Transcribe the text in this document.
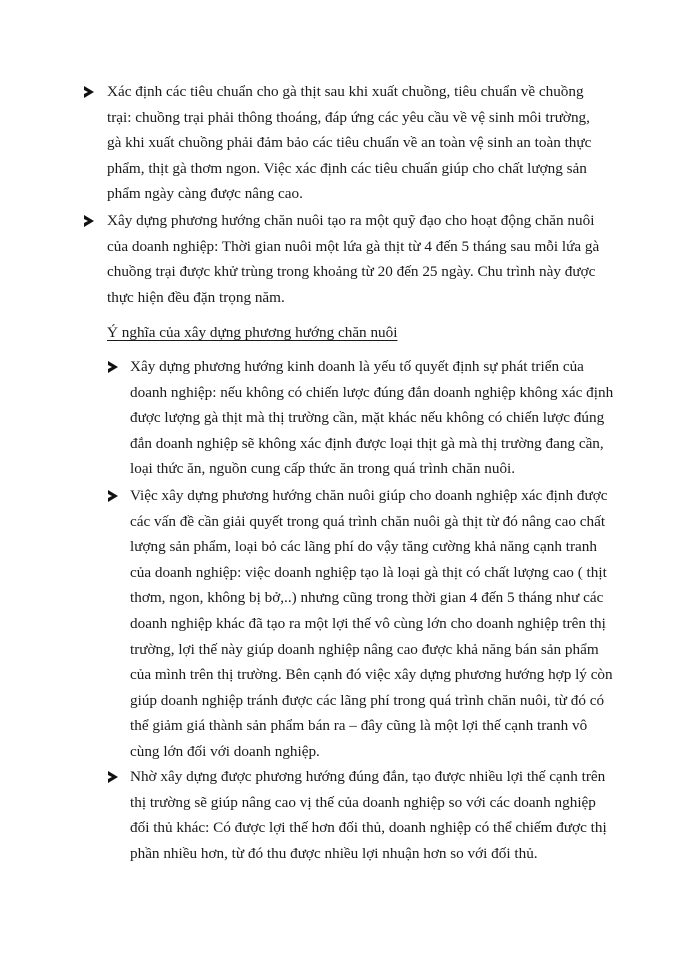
Xác định các tiêu chuẩn cho gà thịt sau khi xuất chuồng, tiêu chuẩn về chuồng trại: chuồng trại phải thông thoáng, đáp ứng các yêu cầu về vệ sinh môi trường, gà khi xuất chuồng phải đảm bảo các tiêu chuẩn về an toàn vệ sinh an toàn thực phẩm, thịt gà thơm ngon. Việc xác định các tiêu chuẩn giúp cho chất lượng sản phẩm ngày càng được nâng cao.

Xây dựng phương hướng chăn nuôi tạo ra một quỹ đạo cho hoạt động chăn nuôi của doanh nghiệp: Thời gian nuôi một lứa gà thịt từ 4 đến 5 tháng sau mỗi lứa gà chuồng trại được khử trùng trong khoảng từ 20 đến 25 ngày. Chu trình này được thực hiện đều đặn trọng năm.

Ý nghĩa của xây dựng phương hướng chăn nuôi

Xây dựng phương hướng kinh doanh là yếu tố quyết định sự phát triển của doanh nghiệp: nếu không có chiến lược đúng đắn doanh nghiệp không xác định được lượng gà thịt mà thị trường cần, mặt khác nếu không có chiến lược đúng đắn doanh nghiệp sẽ không xác định được loại thịt gà mà thị trường đang cần, loại thức ăn, nguồn cung cấp thức ăn trong quá trình chăn nuôi.

Việc xây dựng phương hướng chăn nuôi giúp cho doanh nghiệp xác định được các vấn đề cần giải quyết trong quá trình chăn nuôi gà thịt từ đó nâng cao chất lượng sản phẩm, loại bỏ các lãng phí do vậy tăng cường khả năng cạnh tranh của doanh nghiệp: việc doanh nghiệp tạo là loại gà thịt có chất lượng cao ( thịt thơm, ngon, không bị bở,..) nhưng cũng trong thời gian 4 đến 5 tháng như các doanh nghiệp khác đã tạo ra một lợi thế vô cùng lớn cho doanh nghiệp trên thị trường, lợi thế này giúp doanh nghiệp nâng cao được khả năng bán sản phẩm của mình trên thị trường. Bên cạnh đó việc xây dựng phương hướng hợp lý còn giúp doanh nghiệp tránh được các lãng phí trong quá trình chăn nuôi, từ đó có thể giảm giá thành sản phẩm bán ra – đây cũng là một lợi thế cạnh tranh vô cùng lớn đối với doanh nghiệp.

Nhờ xây dựng được phương hướng đúng đắn, tạo được nhiều lợi thế cạnh trên thị trường sẽ giúp nâng cao vị thế của doanh nghiệp so với các doanh nghiệp đối thủ khác: Có được lợi thế hơn đối thủ, doanh nghiệp có thể chiếm được thị phần nhiều hơn, từ đó thu được nhiều lợi nhuận hơn so với đối thủ.
